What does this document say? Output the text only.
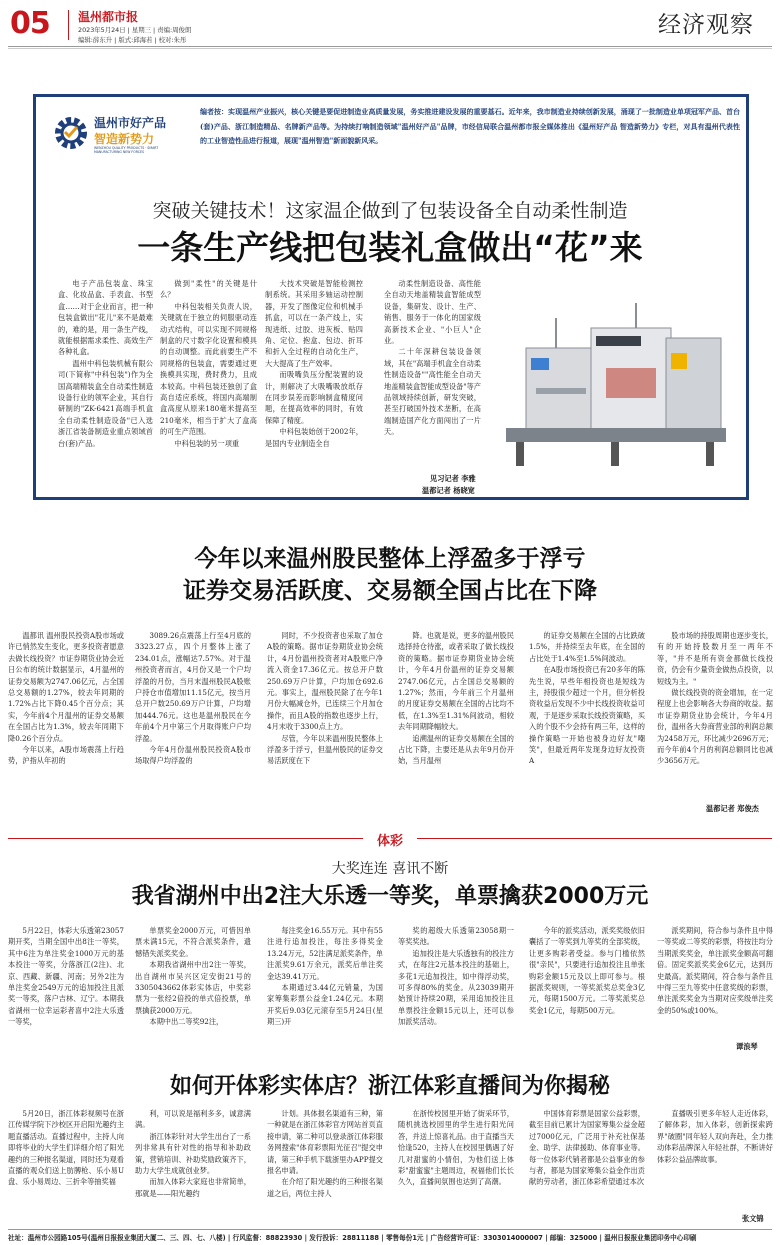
05 温州都市报
2023年5月24日 | 星期三 | 责编:周俊朗
编辑:薛东升 | 版式:邱海若 | 校对:朱彤
经济观察
温州市好产品
智造新势力
WENZHOU QUALITY PRODUCTS · SMART MANUFACTURING NEW FORCES
编者按：实现温州产业振兴，核心关键是要促进制造业高质量发展，务实推进建设发展的重要基石。近年来，我市制造业持续创新发展，涌现了一批制造业单项冠军产品、首台(套)产品、浙江制造精品、名牌新产品等。为持续打响制造领域"温州好产品"品牌，市经信局联合温州都市报全媒体推出《温州好产品 智造新势力》专栏，对具有温州代表性的工业智造性品进行报道，展现"温州智造"新面貌新风采。
突破关键技术！这家温企做到了包装设备全自动柔性制造
一条生产线把包装礼盒做出“花”来

电子产品包装盒、珠宝盒、化妆品盒、手表盒、书型盒……对于企业而言，把一种包装盒做出"花儿"来不是最难的，难的是，用一条生产线，就能根据需求柔性、高效生产各种礼盒。

温州中科包装机械有限公司(下简称"中科包装")作为全国高端精装盒全自动柔性制造设备行业的领军企业，其自行研制的"ZK-6421高端手机盒全自动柔性制造设备"已入选浙江省装备制造业重点领域首台(套)产品。

做到"柔性"的关键是什么？

中科包装相关负责人说，关键就在于独立的伺服驱动连动式结构，可以实现不同规格制盒的尺寸数字化设置和模具的自动调整。而此前要生产不同规格的包装盒，需要通过更换模具实现，费时费力，且成本较高。中科包装还独创了盒高自适应系统，将国内高端制盒高度从原来180毫米提高至210毫米，相当于扩大了盒高的可生产范围。

中科包装的另一项重

大技术突破是智能检测控制系统。其采用多轴运动控制器，开发了图像定位和机械手抓盒，可以在一条产线上，实现进纸、过胶、进灰板、贴四角、定位、抱盒、包边、折耳和折入全过程的自动化生产，大大提高了生产效率。

而吸嘴负压分配装置的设计，则解决了大吸嘴吸放纸存在同步误差而影响制盒精度问题，在提高效率的同时，有效保障了精度。

中科包装始创于2002年，是国内专业制造全自

动柔性制造设备、高性能全自动天地盖精装盒智能成型设备，集研发、设计、生产、销售、服务于一体化的国家级高新技术企业、"小巨人"企业。

二十年深耕包装设备领域，其在"高端手机盒全自动柔性制造设备""高性能全自动天地盖精装盒智能成型设备"等产品领域持续创新，研发突破，甚至打破国外技术垄断，在高端制造国产化方面闯出了一片天。

见习记者 李雅
温都记者 杨晓宽
今年以来温州股民整体上浮盈多于浮亏
证券交易活跃度、交易额全国占比在下降

温都讯 温州股民投资A股市场或许已悄然发生变化，更多投资者愿意去做长线投资？市证券期货业协会近日公布的统计数据显示，4月温州的证券交易额为2747.06亿元，占全国总交易额的1.27%，较去年同期的1.72%占比下降0.45个百分点；其实，今年前4个月温州的证券交易额在全国占比为1.3%，较去年同期下降0.26个百分点。

今年以来，A股市场震荡上行趋势，沪指从年初的

3089.26点震荡上行至4月底的3323.27点，四个月整体上涨了234.01点，涨幅达7.57%。对于温州投资者而言，4月份又是一个户均浮盈的月份，当月末温州股民A股账户持仓市值增加11.15亿元，按当月总开户数250.69万户计算，户均增加444.76元。这也是温州股民在今年前4个月中第三个月取得账户户均浮盈。

今年4月份温州股民投资A股市场取得户均浮盈的

同时，不少投资者也采取了加仓A股的策略。据市证券期货业协会统计，4月份温州投资者对A股账户净流入资金17.36亿元。按总开户数250.69万户计算，户均加仓692.6元。事实上，温州股民除了在今年1月份大幅减仓外，已连续三个月加仓操作，而且A股的指数也逐步上行，4月末收于3300点上方。

尽管，今年以来温州股民整体上浮盈多于浮亏，但温州股民的证券交易活跃度在下

降。也就是说，更多的温州股民选择持仓待涨，或者采取了做长线投资的策略。据市证券期货业协会统计，今年4月份温州的证券交易额2747.06亿元，占全国总交易额的1.27%；然而，今年前三个月温州的月度证券交易额在全国的占比均不低，在1.3%至1.31%间波动，相较去年同期降幅较大。

追溯温州的证券交易额在全国的占比下降，主要还是从去年9月份开始，当月温州

的证券交易额在全国的占比跌破1.5%，并持续至去年底，在全国的占比处于1.4%至1.5%间波动。

在A股市场投资已有20多年的陈先生说，早些年相投资也是短线为主，持股很少超过一个月，但分析投资收益后发现不少中长线投资收益可观，于是逐步采取长线投资策略，买入的个股不少会持有两三年，这样的操作策略一开始也被身边好友"嘲笑"，但最近两年发现身边好友投资A

股市场的持股周期也逐步变长，有的开始持股数月至一两年不等，"并不是所有资金都做长线投资，仍会有少量资金做热点投资，以短线为主。"

做长线投资的资金增加，在一定程度上也会影响各大券商的收益。据市证券期货业协会统计，今年4月份，温州各大券商营业部的利润总额为2458万元，环比减少2696万元；而今年前4个月的利润总额同比也减少3656万元。

温都记者 郑俊杰
体彩
大奖连连 喜讯不断
我省湖州中出2注大乐透一等奖，单票擒获2000万元

5月22日，体彩大乐透第23057期开奖，当期全国中出8注一等奖，其中6注为单注奖金1000万元的基本投注一等奖，分落浙江(2注)、北京、西藏、新疆、河南；另外2注为单注奖金2549万元的追加投注且派奖一等奖，落户吉林、辽宁。本期我省湖州一位幸运彩者喜中2注大乐透一等奖，

单票奖金2000万元，可惜因单票未满15元，不符合派奖条件，遗憾错失派奖奖金。

本期我省湖州中出2注一等奖，出自湖州市吴兴区定安街21号的3305043662体彩实体店，中奖彩票为一张经2倍投的单式倍投票，单票擒获2000万元。

本期中出二等奖92注，

每注奖金16.55万元。其中有55注进行追加投注，每注多得奖金13.24万元，52注满足派奖条件，单注派奖9.61万余元，派奖后单注奖金达39.41万元。

本期通过3.44亿元销量，为国家筹集彩票公益金1.24亿元。本期开奖后9.03亿元滚存至5月24日(星期三)开

奖的超级大乐透第23058期一等奖奖池。

追加投注是大乐透独有的投注方式，在每注2元基本投注的基础上，多花1元追加投注，如中得浮动奖，可多得80%的奖金。从23039期开始预计持续20期，采用追加投注且单票投注金额15元以上，还可以参加派奖活动。

今年的派奖活动，派奖奖级依旧囊括了一等奖到九等奖的全部奖级，让更多购彩者受益。参与门槛依然很"亲民"，只要进行追加投注且单张购彩金额15元及以上即可参与。根据派奖规则，一等奖派奖总奖金3亿元，每期1500万元。二等奖派奖总奖金1亿元，每期500万元。

派奖期间，符合参与条件且中得一等奖或二等奖的彩票，将按注均分当期派奖奖金，单注派奖金额高可翻倍。固定奖派奖奖金6亿元，达到历史最高。派奖期间，符合参与条件且中得三至九等奖中任意奖级的彩票，单注派奖奖金为当期对应奖级单注奖金的50%或100%。

谭浪琴
如何开体彩实体店？浙江体彩直播间为你揭秘

5月20日，浙江体彩视频号在浙江传媒学院下沙校区开启阳光趣约主题直播活动。直播过程中，主持人向即将毕业的大学生们详细介绍了阳光趣约的三种报名渠道，同时还为观看直播的观众们送上肪膊枪、乐小易U盘、乐小易周边、三折伞等抽奖福

利，可以说是福利多多，诚意满满。

浙江体彩针对大学生出台了一系列非常具有针对性的指导和补助政策，营销培训、补助奖励政策齐下，助力大学生成就创业梦。

而加入体彩大家庭也非常简单，那就是——阳光趣约

计划。具体报名渠道有三种，第一种就是在浙江体彩官方网站首页直接申请，第二种可以登录浙江体彩服务网搜索"体育彩票阳光征召"提交申请，第三种手机下载浙里办APP提交报名申请。

在介绍了阳光趣约的三种报名渠道之后，两位主持人

在浙传校园里开始了街采环节，随机挑选校园里的学生进行阳光问答，并送上惊喜礼品。由于直播当天恰逢520，主持人在校园里偶遇了好几对甜蜜的小情侣，为他们送上体彩"甜蜜蜜"主题周边，祝福他们长长久久，直播间氛围也达到了高潮。

中国体育彩票是国家公益彩票，截至目前已累计为国家筹集公益金超过7000亿元，广泛用于补充社保基金、助学、法律援助、体育事业等。每一位体彩代销者都是公益事业的参与者，都是为国家筹集公益金作出贡献的劳动者，浙江体彩希望通过本次

直播吸引更多年轻人走近体彩，了解体彩，加入体彩，创新探索跨界"破圈"同年轻人双向奔赴，全力推动体彩品牌深入年轻社群，不断讲好体彩公益品牌故事。

张文锦
社址：温州市公园路105号(温州日报报业集团大厦二、三、四、七、八楼) | 行风监督：88823930 | 发行投诉：28811188 | 零售每份1元 | 广告经营许可证：3303014000007 | 邮编：325000 | 温州日报报业集团印务中心印刷
